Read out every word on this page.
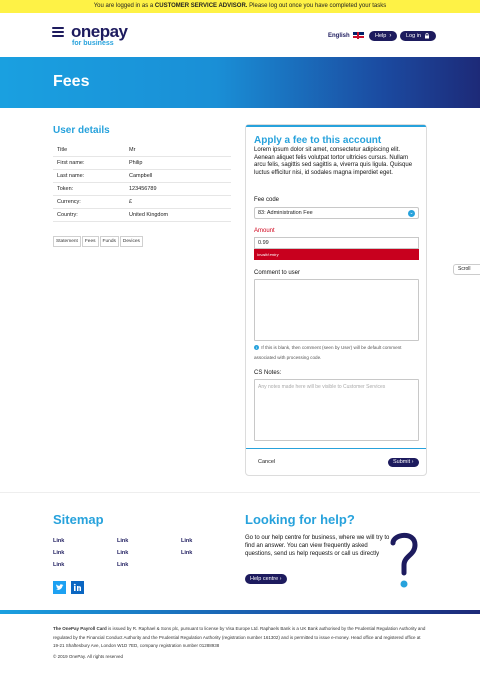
You are logged in as a CUSTOMER SERVICE ADVISOR. Please log out once you have completed your tasks
onepay
for business
English	Help ›	Log in
Fees
User details
Title	Mr
First name:	Philip
Last name:	Campbell
Token:	123456789
Currency:	£
Country:	United Kingdom
Statement	Fees	Funds	Devices
Apply a fee to this account
Lorem ipsum dolor sit amet, consectetur adipiscing elit. Aenean aliquet felis volutpat tortor ultricies cursus. Nullam arcu felis, sagittis sed sagittis a, viverra quis ligula. Quisque luctus efficitur nisi, id sodales magna imperdiet eget.
Fee code
83: Administration Fee	⌄
Amount
0.99
Invalid entry
Comment to user
i If this is blank, then comment (seen by User) will be default comment associated with processing code.
CS Notes:
Any notes made here will be visible to Customer Services
Cancel	Submit ›
Scroll
Sitemap
Link	Link	Link
Link	Link	Link
Link	Link
Looking for help?
Go to our help centre for business, where we will try to find an answer. You can view frequently asked questions, send us help requests or call us directly
Help centre ›
The OnePay Payroll Card is issued by R. Raphael & Sons plc, pursuant to license by Visa Europe Ltd. Raphaels Bank is a UK Bank authorised by the Prudential Regulation Authority and regulated by the Financial Conduct Authority and the Prudential Regulation Authority (registration number 161302) and is permitted to issue e-money. Head office and registered office at 19-21 Shaftesbury Ave, London W1D 7ED, company registration number 01288938
© 2019 OnePay. All rights reserved
